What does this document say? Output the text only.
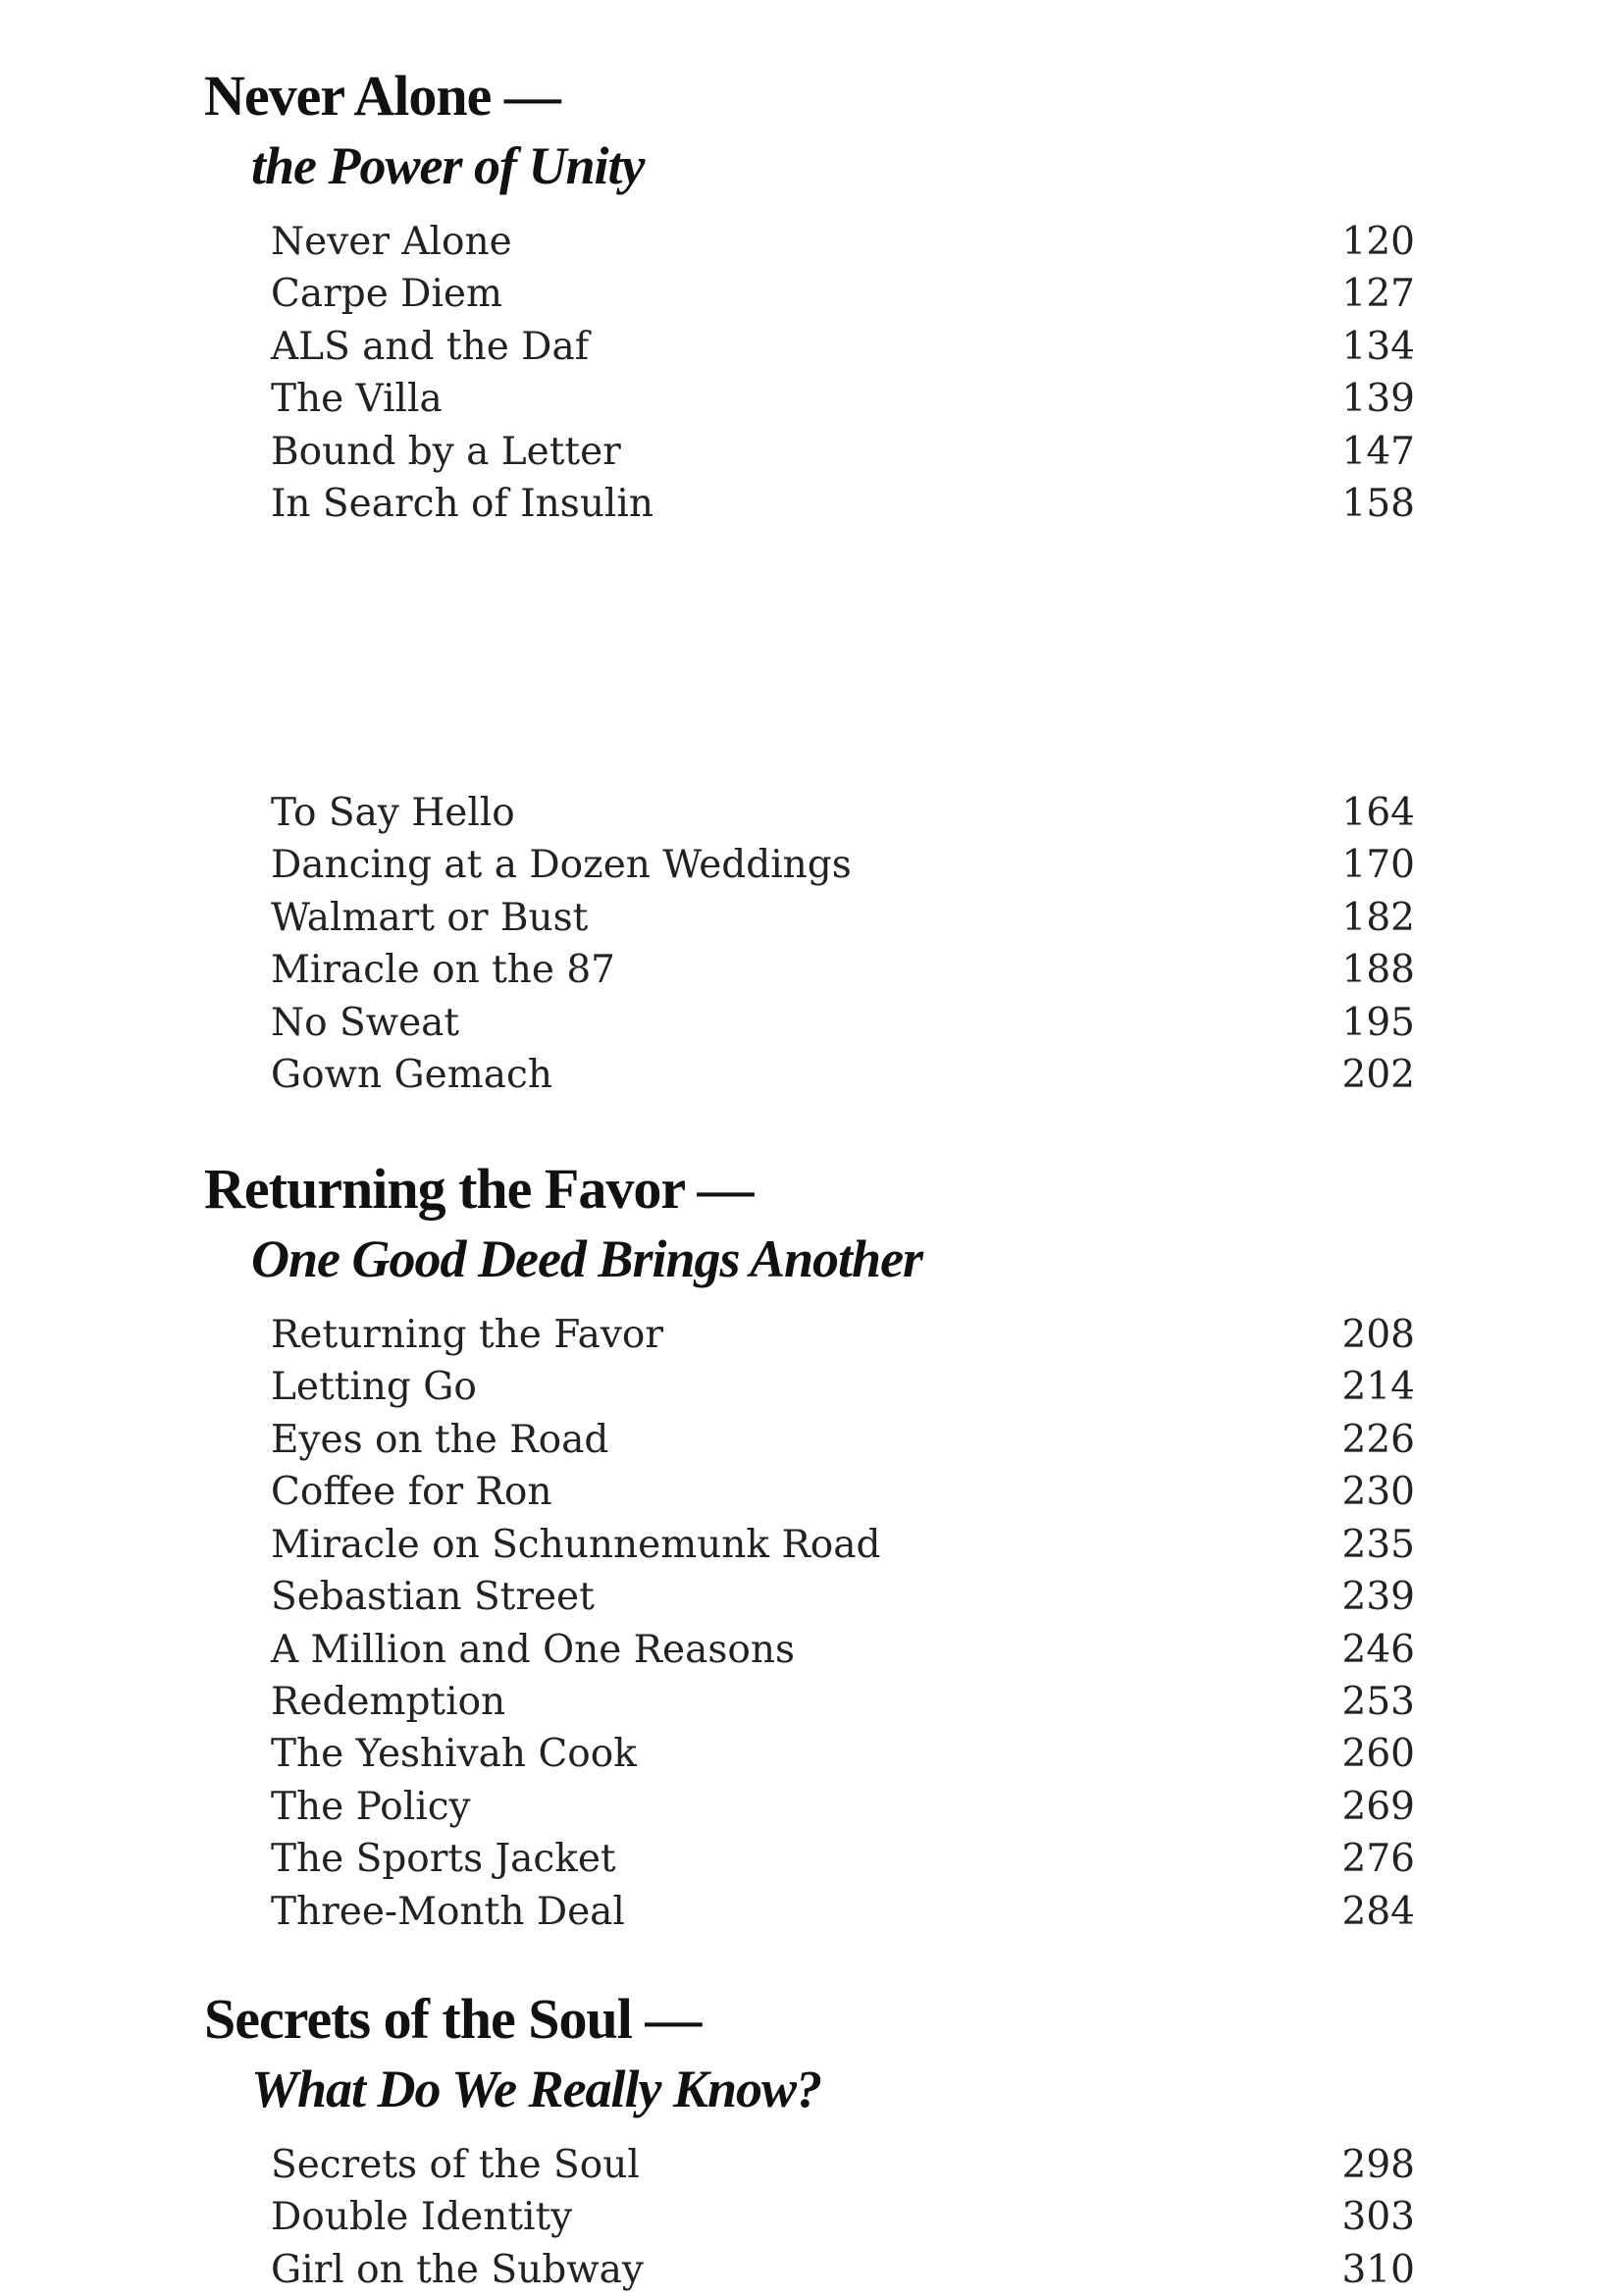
Never Alone —
the Power of Unity
Never Alone	120
Carpe Diem	127
ALS and the Daf	134
The Villa	139
Bound by a Letter	147
In Search of Insulin	158
To Say Hello	164
Dancing at a Dozen Weddings	170
Walmart or Bust	182
Miracle on the 87	188
No Sweat	195
Gown Gemach	202
Returning the Favor —
One Good Deed Brings Another
Returning the Favor	208
Letting Go	214
Eyes on the Road	226
Coffee for Ron	230
Miracle on Schunnemunk Road	235
Sebastian Street	239
A Million and One Reasons	246
Redemption	253
The Yeshivah Cook	260
The Policy	269
The Sports Jacket	276
Three-Month Deal	284
Secrets of the Soul —
What Do We Really Know?
Secrets of the Soul	298
Double Identity	303
Girl on the Subway	310
